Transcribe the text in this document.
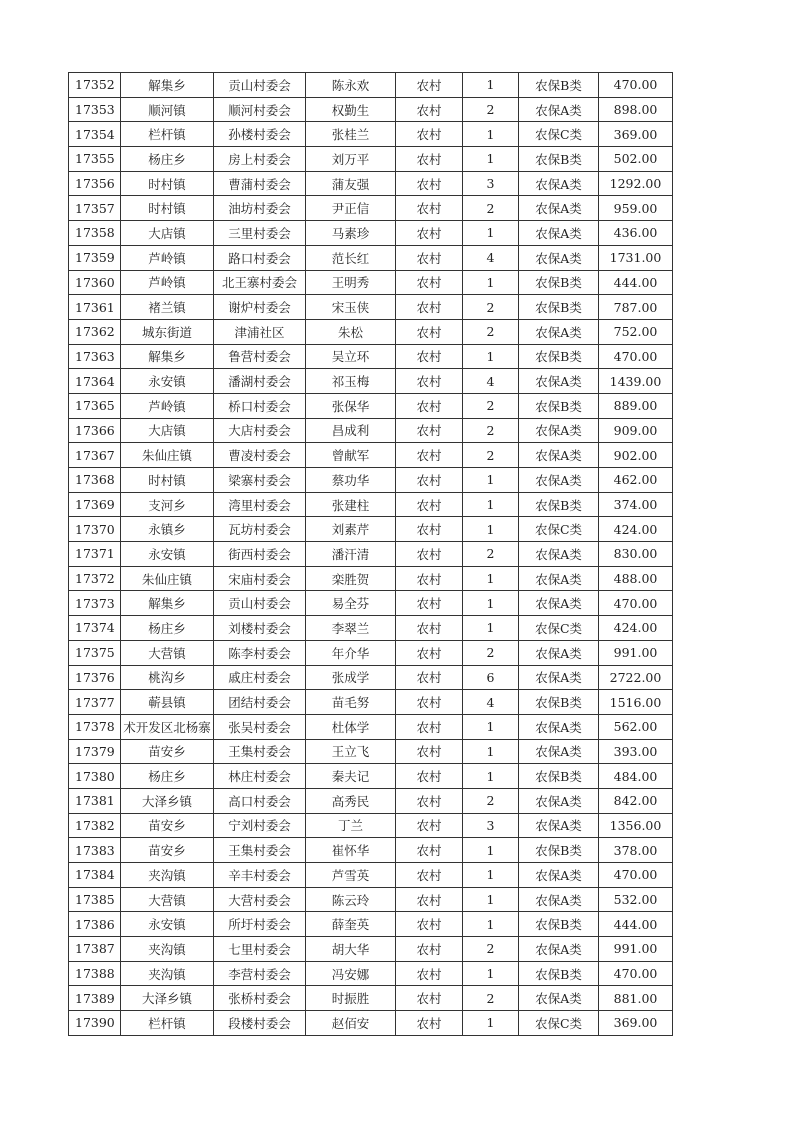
17352	解集乡	贡山村委会	陈永欢	农村	1	农保B类	470.00
17353	顺河镇	顺河村委会	权勤生	农村	2	农保A类	898.00
17354	栏杆镇	孙楼村委会	张桂兰	农村	1	农保C类	369.00
17355	杨庄乡	房上村委会	刘万平	农村	1	农保B类	502.00
17356	时村镇	曹蒲村委会	蒲友强	农村	3	农保A类	1292.00
17357	时村镇	油坊村委会	尹正信	农村	2	农保A类	959.00
17358	大店镇	三里村委会	马素珍	农村	1	农保A类	436.00
17359	芦岭镇	路口村委会	范长红	农村	4	农保A类	1731.00
17360	芦岭镇	北王寨村委会	王明秀	农村	1	农保B类	444.00
17361	褚兰镇	谢炉村委会	宋玉侠	农村	2	农保B类	787.00
17362	城东街道	津浦社区	朱松	农村	2	农保A类	752.00
17363	解集乡	鲁营村委会	吴立环	农村	1	农保B类	470.00
17364	永安镇	潘湖村委会	祁玉梅	农村	4	农保A类	1439.00
17365	芦岭镇	桥口村委会	张保华	农村	2	农保B类	889.00
17366	大店镇	大店村委会	昌成利	农村	2	农保A类	909.00
17367	朱仙庄镇	曹凌村委会	曾献军	农村	2	农保A类	902.00
17368	时村镇	梁寨村委会	蔡功华	农村	1	农保A类	462.00
17369	支河乡	湾里村委会	张建柱	农村	1	农保B类	374.00
17370	永镇乡	瓦坊村委会	刘素芹	农村	1	农保C类	424.00
17371	永安镇	街西村委会	潘汗清	农村	2	农保A类	830.00
17372	朱仙庄镇	宋庙村委会	栾胜贺	农村	1	农保A类	488.00
17373	解集乡	贡山村委会	易全芬	农村	1	农保A类	470.00
17374	杨庄乡	刘楼村委会	李翠兰	农村	1	农保C类	424.00
17375	大营镇	陈李村委会	年介华	农村	2	农保A类	991.00
17376	桃沟乡	戚庄村委会	张成学	农村	6	农保A类	2722.00
17377	蕲县镇	团结村委会	苗毛努	农村	4	农保B类	1516.00
17378	术开发区北杨寨	张吴村委会	杜体学	农村	1	农保A类	562.00
17379	苗安乡	王集村委会	王立飞	农村	1	农保A类	393.00
17380	杨庄乡	林庄村委会	秦夫记	农村	1	农保B类	484.00
17381	大泽乡镇	高口村委会	高秀民	农村	2	农保A类	842.00
17382	苗安乡	宁刘村委会	丁兰	农村	3	农保A类	1356.00
17383	苗安乡	王集村委会	崔怀华	农村	1	农保B类	378.00
17384	夹沟镇	辛丰村委会	芦雪英	农村	1	农保A类	470.00
17385	大营镇	大营村委会	陈云玲	农村	1	农保A类	532.00
17386	永安镇	所圩村委会	薛奎英	农村	1	农保B类	444.00
17387	夹沟镇	七里村委会	胡大华	农村	2	农保A类	991.00
17388	夹沟镇	李营村委会	冯安娜	农村	1	农保B类	470.00
17389	大泽乡镇	张桥村委会	时振胜	农村	2	农保A类	881.00
17390	栏杆镇	段楼村委会	赵佰安	农村	1	农保C类	369.00
